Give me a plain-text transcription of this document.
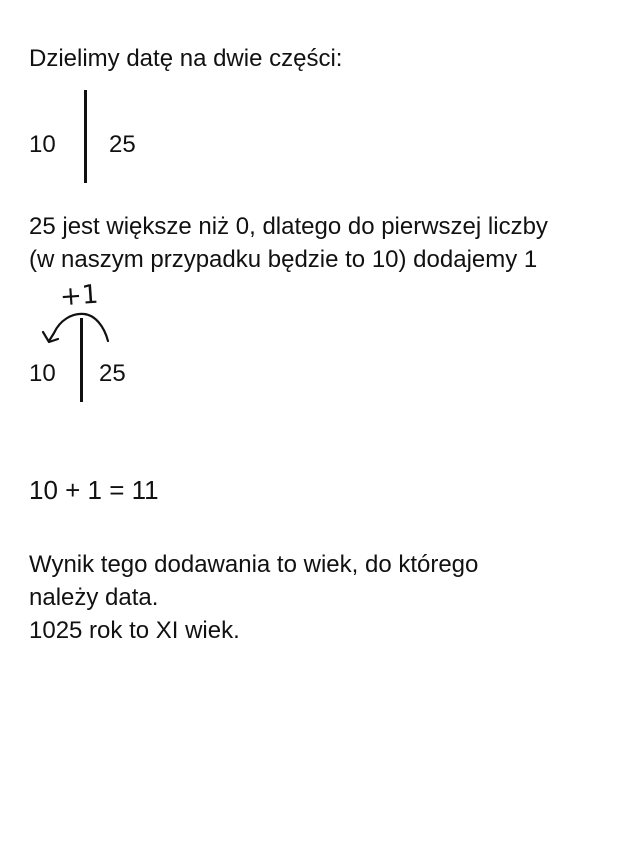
Dzielimy datę na dwie części:
10 25
25 jest większe niż 0, dlatego do pierwszej liczby
(w naszym przypadku będzie to 10) dodajemy 1
+1
10 25
10 + 1 = 11
Wynik tego dodawania to wiek, do którego
należy data.
1025 rok to XI wiek.
